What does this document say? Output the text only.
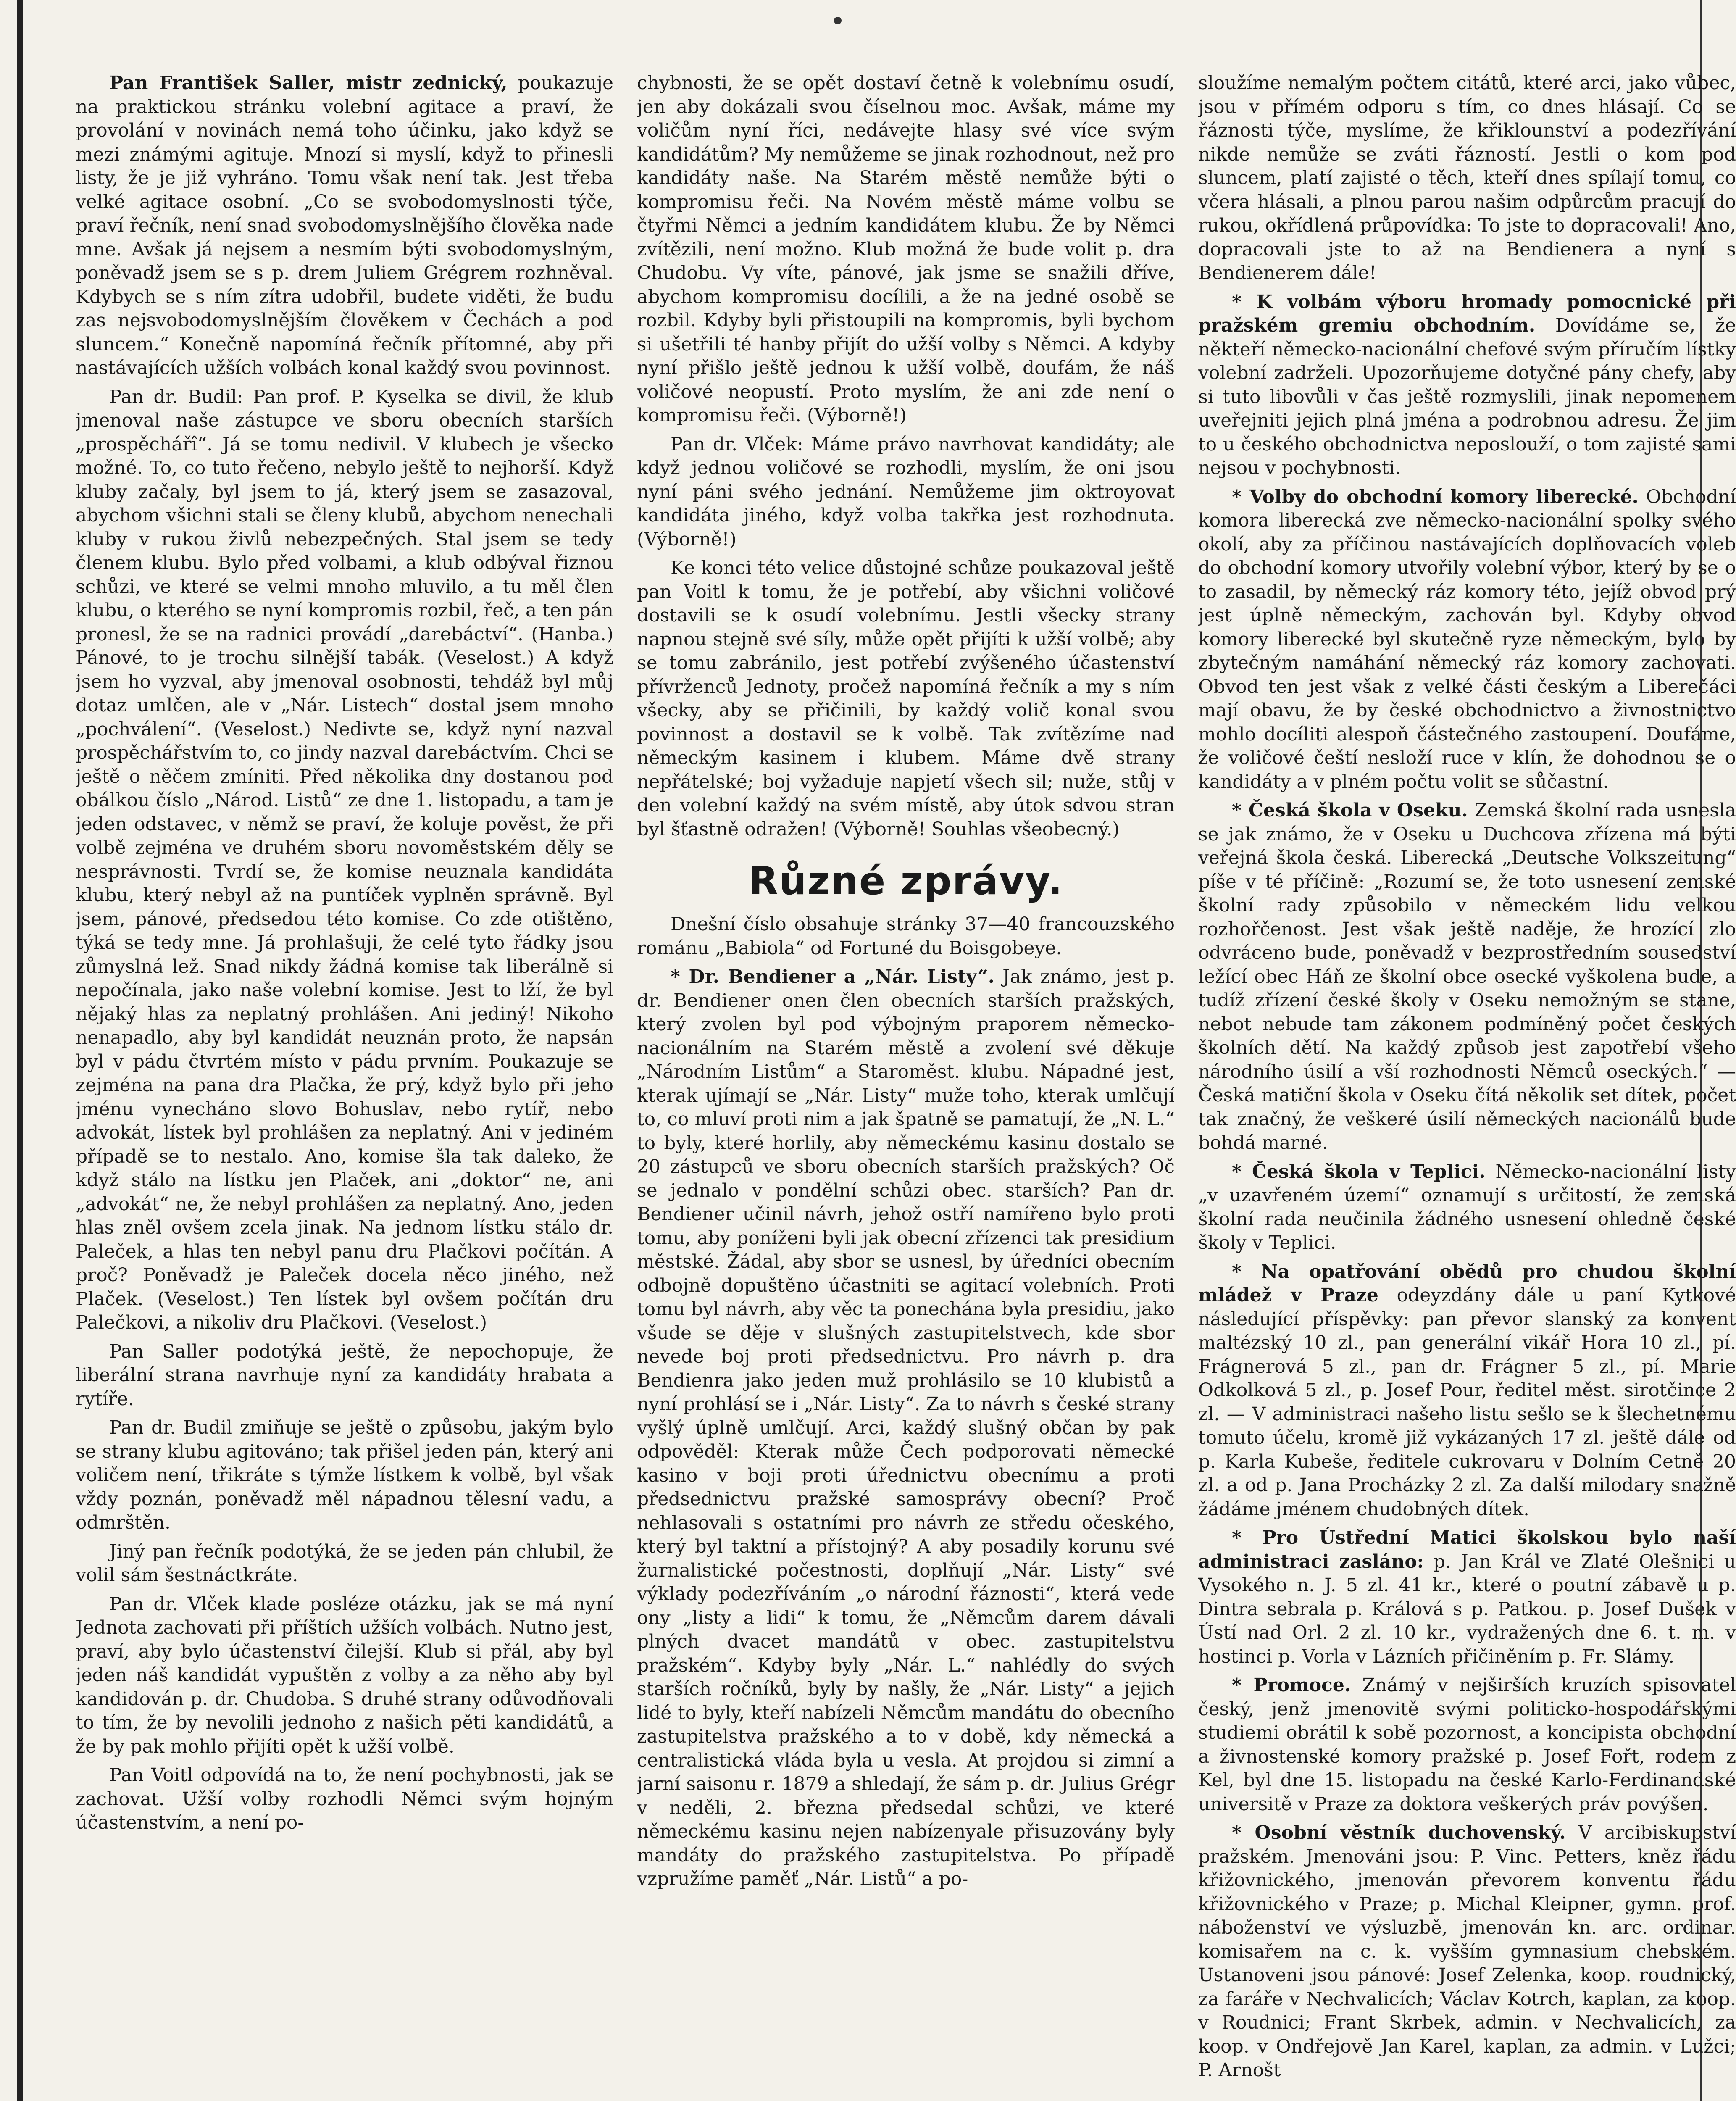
Pan František Saller, mistr zednický, poukazuje na praktickou stránku volební agitace a praví, že provolání v novinách nemá toho účinku, jako když se mezi známými agituje. Mnozí si myslí, když to přinesli listy, že je již vyhráno. Tomu však není tak. Jest třeba velké agitace osobní. „Co se svobodomyslnosti týče, praví řečník, není snad svobodomyslnějšího člověka nade mne. Avšak já nejsem a nesmím býti svobodomyslným, poněvadž jsem se s p. drem Juliem Grégrem rozhněval. Kdybych se s ním zítra udobřil, budete viděti, že budu zas nejsvobodomyslnějším člověkem v Čechách a pod sluncem.“ Konečně napomíná řečník přítomné, aby při nastávajících užších volbách konal každý svou povinnost.

Pan dr. Budil: Pan prof. P. Kyselka se divil, že klub jmenoval naše zástupce ve sboru obecních starších „prospěchářî“. Já se tomu nedivil. V klubech je všecko možné. To, co tuto řečeno, nebylo ještě to nejhorší. Když kluby začaly, byl jsem to já, který jsem se zasazoval, abychom všichni stali se členy klubů, abychom nenechali kluby v rukou živlů nebezpečných. Stal jsem se tedy členem klubu. Bylo před volbami, a klub odbýval řiznou schůzi, ve které se velmi mnoho mluvilo, a tu měl člen klubu, o kterého se nyní kompromis rozbil, řeč, a ten pán pronesl, že se na radnici provádí „darebáctví“. (Hanba.) Pánové, to je trochu silnější tabák. (Veselost.) A když jsem ho vyzval, aby jmenoval osobnosti, tehdáž byl můj dotaz umlčen, ale v „Nár. Listech“ dostal jsem mnoho „pochválení“. (Veselost.) Nedivte se, když nyní nazval prospěchářstvím to, co jindy nazval darebáctvím. Chci se ještě o něčem zmíniti. Před několika dny dostanou pod obálkou číslo „Národ. Listů“ ze dne 1. listopadu, a tam je jeden odstavec, v němž se praví, že koluje pověst, že při volbě zejména ve druhém sboru novoměstském děly se nesprávnosti. Tvrdí se, že komise neuznala kandidáta klubu, který nebyl až na puntíček vyplněn správně. Byl jsem, pánové, předsedou této komise. Co zde otištěno, týká se tedy mne. Já prohlašuji, že celé tyto řádky jsou zůmyslná lež. Snad nikdy žádná komise tak liberálně si nepočínala, jako naše volební komise. Jest to lží, že byl nějaký hlas za neplatný prohlášen. Ani jediný! Nikoho nenapadlo, aby byl kandidát neuznán proto, že napsán byl v pádu čtvrtém místo v pádu prvním. Poukazuje se zejména na pana dra Plačka, že prý, když bylo při jeho jménu vynecháno slovo Bohuslav, nebo rytíř, nebo advokát, lístek byl prohlášen za neplatný. Ani v jediném případě se to nestalo. Ano, komise šla tak daleko, že když stálo na lístku jen Plaček, ani „doktor“ ne, ani „advokát“ ne, že nebyl prohlášen za neplatný. Ano, jeden hlas zněl ovšem zcela jinak. Na jednom lístku stálo dr. Paleček, a hlas ten nebyl panu dru Plačkovi počítán. A proč? Poněvadž je Paleček docela něco jiného, než Plaček. (Veselost.) Ten lístek byl ovšem počítán dru Palečkovi, a nikoliv dru Plačkovi. (Veselost.)

Pan Saller podotýká ještě, že nepochopuje, že liberální strana navrhuje nyní za kandidáty hrabata a rytíře.

Pan dr. Budil zmiňuje se ještě o způsobu, jakým bylo se strany klubu agitováno; tak přišel jeden pán, který ani voličem není, třikráte s týmže lístkem k volbě, byl však vždy poznán, poněvadž měl nápadnou tělesní vadu, a odmrštěn.

Jiný pan řečník podotýká, že se jeden pán chlubil, že volil sám šestnáctkráte.

Pan dr. Vlček klade posléze otázku, jak se má nyní Jednota zachovati při příštích užších volbách. Nutno jest, praví, aby bylo účastenství čilejší. Klub si přál, aby byl jeden náš kandidát vypuštěn z volby a za něho aby byl kandidován p. dr. Chudoba. S druhé strany odůvodňovali to tím, že by nevolili jednoho z našich pěti kandidátů, a že by pak mohlo přijíti opět k užší volbě.

Pan Voitl odpovídá na to, že není pochybnosti, jak se zachovat. Užší volby rozhodli Němci svým hojným účastenstvím, a není po-

chybnosti, že se opět dostaví četně k volebnímu osudí, jen aby dokázali svou číselnou moc. Avšak, máme my voličům nyní říci, nedávejte hlasy své více svým kandidátům? My nemůžeme se jinak rozhodnout, než pro kandidáty naše. Na Starém městě nemůže býti o kompromisu řeči. Na Novém městě máme volbu se čtyřmi Němci a jedním kandidátem klubu. Že by Němci zvítězili, není možno. Klub možná že bude volit p. dra Chudobu. Vy víte, pánové, jak jsme se snažili dříve, abychom kompromisu docílili, a že na jedné osobě se rozbil. Kdyby byli přistoupili na kompromis, byli bychom si ušetřili té hanby přijít do užší volby s Němci. A kdyby nyní přišlo ještě jednou k užší volbě, doufám, že náš voličové neopustí. Proto myslím, že ani zde není o kompromisu řeči. (Výborně!)

Pan dr. Vlček: Máme právo navrhovat kandidáty; ale když jednou voličové se rozhodli, myslím, že oni jsou nyní páni svého jednání. Nemůžeme jim oktroyovat kandidáta jiného, když volba takřka jest rozhodnuta. (Výborně!)

Ke konci této velice důstojné schůze poukazoval ještě pan Voitl k tomu, že je potřebí, aby všichni voličové dostavili se k osudí volebnímu. Jestli všecky strany napnou stejně své síly, může opět přijíti k užší volbě; aby se tomu zabránilo, jest potřebí zvýšeného účastenství přívrženců Jednoty, pročež napomíná řečník a my s ním všecky, aby se přičinili, by každý volič konal svou povinnost a dostavil se k volbě. Tak zvítězíme nad německým kasinem i klubem. Máme dvě strany nepřátelské; boj vyžaduje napjetí všech sil; nuže, stůj v den volební každý na svém místě, aby útok sdvou stran byl šťastně odražen! (Výborně! Souhlas všeobecný.)

Různé zprávy.

Dnešní číslo obsahuje stránky 37—40 francouzského románu „Babiola“ od Fortuné du Boisgobeye.

* Dr. Bendiener a „Nár. Listy“. Jak známo, jest p. dr. Bendiener onen člen obecních starších pražských, který zvolen byl pod výbojným praporem německo-nacionálním na Starém městě a zvolení své děkuje „Národním Listům“ a Staroměst. klubu. Nápadné jest, kterak ujímají se „Nár. Listy“ muže toho, kterak umlčují to, co mluví proti nim a jak špatně se pamatují, že „N. L.“ to byly, které horlily, aby německému kasinu dostalo se 20 zástupců ve sboru obecních starších pražských? Oč se jednalo v pondělní schůzi obec. starších? Pan dr. Bendiener učinil návrh, jehož ostří namířeno bylo proti tomu, aby poníženi byli jak obecní zřízenci tak presidium městské. Žádal, aby sbor se usnesl, by úředníci obecním odbojně dopuštěno účastniti se agitací volebních. Proti tomu byl návrh, aby věc ta ponechána byla presidiu, jako všude se děje v slušných zastupitelstvech, kde sbor nevede boj proti předsednictvu. Pro návrh p. dra Bendienra jako jeden muž prohlásilo se 10 klubistů a nyní prohlásí se i „Nár. Listy“. Za to návrh s české strany vyšlý úplně umlčují. Arci, každý slušný občan by pak odpověděl: Kterak může Čech podporovati německé kasino v boji proti úřednictvu obecnímu a proti předsednictvu pražské samosprávy obecní? Proč nehlasovali s ostatními pro návrh ze středu očeského, který byl taktní a přístojný? A aby posadily korunu své žurnalistické počestnosti, doplňují „Nár. Listy“ své výklady podezříváním „o národní řáznosti“, která vede ony „listy a lidi“ k tomu, že „Němcům darem dávali plných dvacet mandátů v obec. zastupitelstvu pražském“. Kdyby byly „Nár. L.“ nahlédly do svých starších ročníků, byly by našly, že „Nár. Listy“ a jejich lidé to byly, kteří nabízeli Němcům mandátu do obecního zastupitelstva pražského a to v době, kdy německá a centralistická vláda byla u vesla. At projdou si zimní a jarní saisonu r. 1879 a shledají, že sám p. dr. Julius Grégr v neděli, 2. března předsedal schůzi, ve které německému kasinu nejen nabízenyale přisuzovány byly mandáty do pražského zastupitelstva. Po případě vzpružíme paměť „Nár. Listů“ a po-

sloužíme nemalým počtem citátů, které arci, jako vůbec, jsou v přímém odporu s tím, co dnes hlásají. Co se řáznosti týče, myslíme, že křiklounství a podezřívání nikde nemůže se zváti řázností. Jestli o kom pod sluncem, platí zajisté o těch, kteří dnes spílají tomu, co včera hlásali, a plnou parou našim odpůrcům pracují do rukou, okřídlená průpovídka: To jste to dopracovali! Ano, dopracovali jste to až na Bendienera a nyní s Bendienerem dále!

* K volbám výboru hromady pomocnické při pražském gremiu obchodním. Dovídáme se, že někteří německo-nacionální chefové svým příručím lístky volební zadrželi. Upozorňujeme dotyčné pány chefy, aby si tuto libovůli v čas ještě rozmyslili, jinak nepomenem uveřejniti jejich plná jména a podrobnou adresu. Že jim to u českého obchodnictva neposlouží, o tom zajisté sami nejsou v pochybnosti.

* Volby do obchodní komory liberecké. Obchodní komora liberecká zve německo-nacionální spolky svého okolí, aby za příčinou nastávajících doplňovacích voleb do obchodní komory utvořily volební výbor, který by se o to zasadil, by německý ráz komory této, jejíž obvod prý jest úplně německým, zachován byl. Kdyby obvod komory liberecké byl skutečně ryze německým, bylo by zbytečným namáhání německý ráz komory zachovati. Obvod ten jest však z velké části českým a Liberečáci mají obavu, že by české obchodnictvo a živnostnictvo mohlo docíliti alespoň částečného zastoupení. Doufáme, že voličové čeští nesloží ruce v klín, že dohodnou se o kandidáty a v plném počtu volit se sůčastní.

* Česká škola v Oseku. Zemská školní rada usnesla se jak známo, že v Oseku u Duchcova zřízena má býti veřejná škola česká. Liberecká „Deutsche Volkszeitung“ píše v té příčině: „Rozumí se, že toto usnesení zemské školní rady způsobilo v německém lidu velkou rozhořčenost. Jest však ještě naděje, že hrozící zlo odvráceno bude, poněvadž v bezprostředním sousedství ležící obec Háň ze školní obce osecké vyškolena bude, a tudíž zřízení české školy v Oseku nemožným se stane, nebot nebude tam zákonem podmíněný počet českých školních dětí. Na každý způsob jest zapotřebí všeho národního úsilí a vší rozhodnosti Němců oseckých.“ — Česká matiční škola v Oseku čítá několik set dítek, počet tak značný, že veškeré úsilí německých nacionálů bude bohdá marné.

* Česká škola v Teplici. Německo-nacionální listy „v uzavřeném území“ oznamují s určitostí, že zemská školní rada neučinila žádného usnesení ohledně české školy v Teplici.

* Na opatřování obědů pro chudou školní mládež v Praze odeyzdány dále u paní Kytkové následující příspěvky: pan převor slanský za konvent maltézský 10 zl., pan generální vikář Hora 10 zl., pí. Frágnerová 5 zl., pan dr. Frágner 5 zl., pí. Marie Odkolková 5 zl., p. Josef Pour, ředitel měst. sirotčince 2 zl. — V administraci našeho listu sešlo se k šlechetnému tomuto účelu, kromě již vykázaných 17 zl. ještě dále od p. Karla Kubeše, ředitele cukrovaru v Dolním Cetně 20 zl. a od p. Jana Procházky 2 zl. Za další milodary snažně žádáme jménem chudobných dítek.

* Pro Ústřední Matici školskou bylo naší administraci zasláno: p. Jan Král ve Zlaté Olešnici u Vysokého n. J. 5 zl. 41 kr., které o poutní zábavě u p. Dintra sebrala p. Králová s p. Patkou. p. Josef Dušek v Ústí nad Orl. 2 zl. 10 kr., vydražených dne 6. t. m. v hostinci p. Vorla v Lázních přičiněním p. Fr. Slámy.

* Promoce. Známý v nejširších kruzích spisovatel český, jenž jmenovitě svými politicko-hospodářskými studiemi obrátil k sobě pozornost, a koncipista obchodní a živnostenské komory pražské p. Josef Fořt, rodem z Kel, byl dne 15. listopadu na české Karlo-Ferdinandské universitě v Praze za doktora veškerých práv povýšen.

* Osobní věstník duchovenský. V arcibiskupství pražském. Jmenováni jsou: P. Vinc. Petters, kněz řádu křižovnického, jmenován převorem konventu řádu křižovnického v Praze; p. Michal Kleipner, gymn. prof. náboženství ve výsluzbě, jmenován kn. arc. ordinar. komisařem na c. k. vyšším gymnasium chebském. Ustanoveni jsou pánové: Josef Zelenka, koop. roudnický, za faráře v Nechvalicích; Václav Kotrch, kaplan, za koop. v Roudnici; Frant Skrbek, admin. v Nechvalicích, za koop. v Ondřejově Jan Karel, kaplan, za admin. v Lužci; P. Arnošt
